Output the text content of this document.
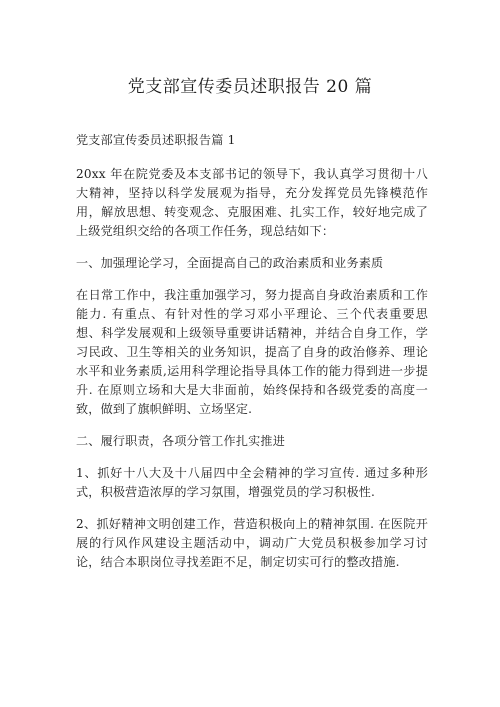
党支部宣传委员述职报告 20 篇

党支部宣传委员述职报告篇 1

20xx 年在院党委及本支部书记的领导下，我认真学习贯彻十八大精神，坚持以科学发展观为指导，充分发挥党员先锋模范作用，解放思想、转变观念、克服困难、扎实工作，较好地完成了上级党组织交给的各项工作任务，现总结如下：

一、加强理论学习，全面提高自己的政治素质和业务素质

在日常工作中，我注重加强学习，努力提高自身政治素质和工作能力. 有重点、有针对性的学习邓小平理论、三个代表重要思想、科学发展观和上级领导重要讲话精神，并结合自身工作，学习民政、卫生等相关的业务知识，提高了自身的政治修养、理论水平和业务素质,运用科学理论指导具体工作的能力得到进一步提升. 在原则立场和大是大非面前，始终保持和各级党委的高度一致，做到了旗帜鲜明、立场坚定.

二、履行职责，各项分管工作扎实推进

1、抓好十八大及十八届四中全会精神的学习宣传. 通过多种形式，积极营造浓厚的学习氛围，增强党员的学习积极性.

2、抓好精神文明创建工作，营造积极向上的精神氛围. 在医院开展的行风作风建设主题活动中，调动广大党员积极参加学习讨论，结合本职岗位寻找差距不足，制定切实可行的整改措施.
